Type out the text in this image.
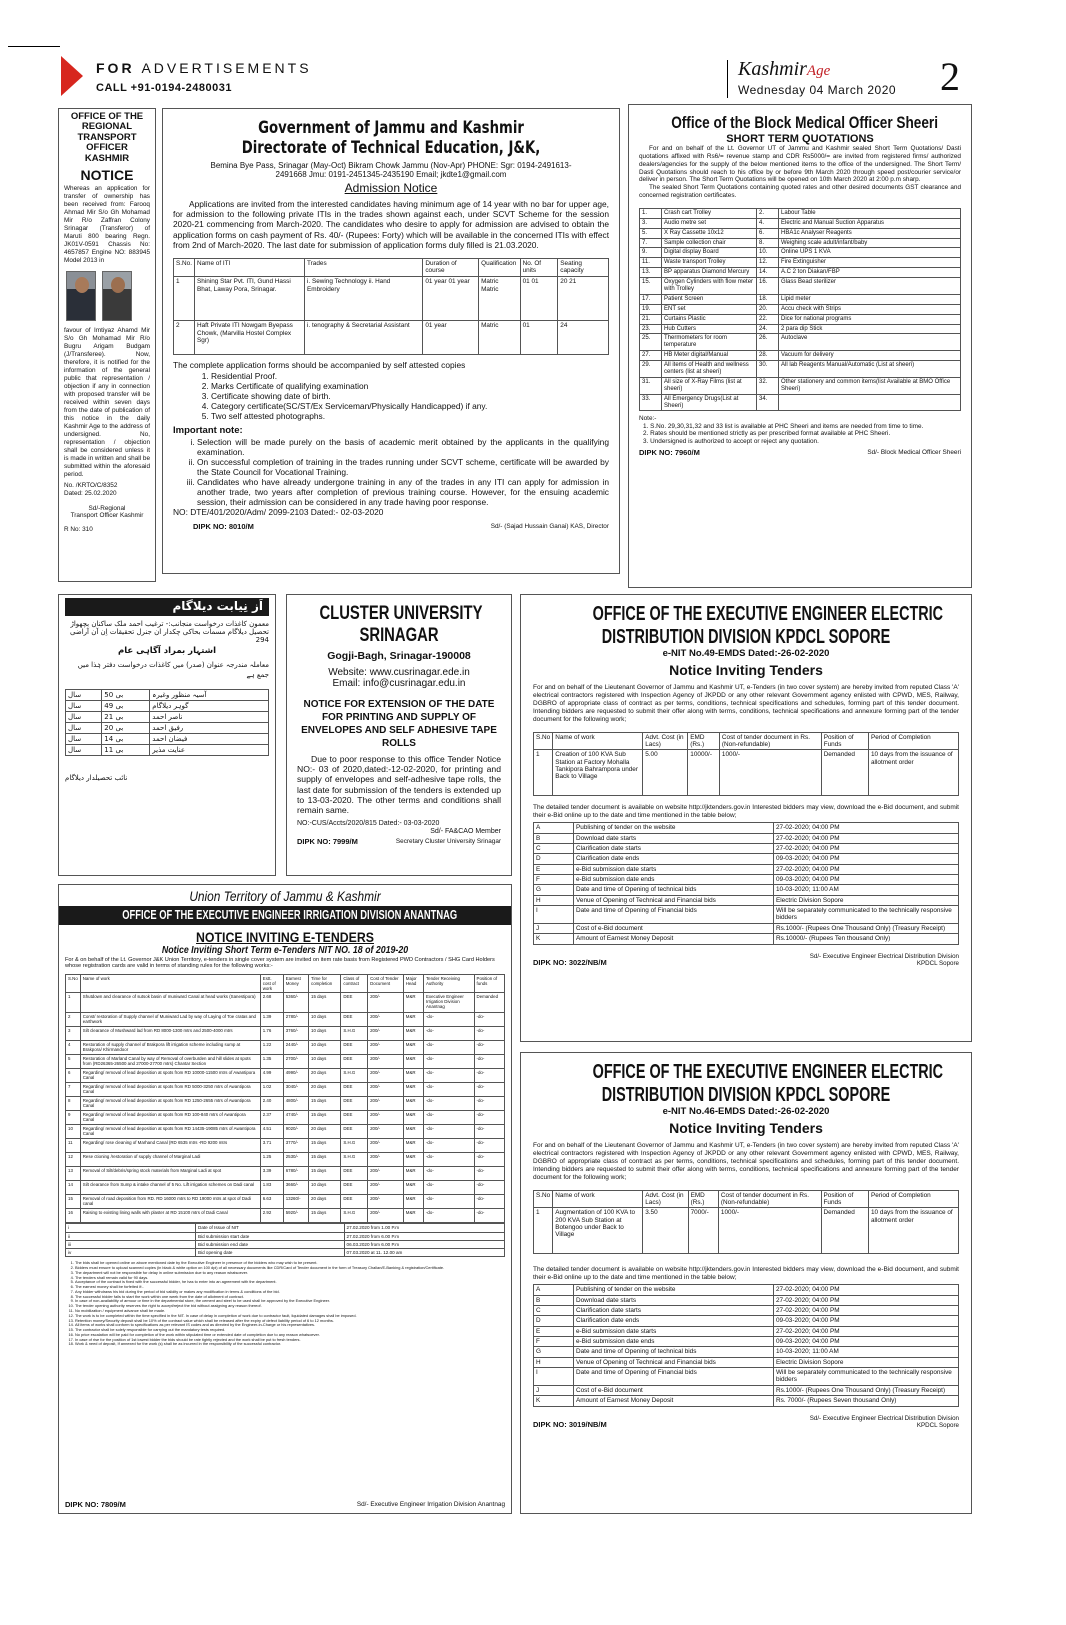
FOR ADVERTISEMENTS
CALL +91-0194-2480031
KashmirAge
Wednesday 04 March 2020 2
OFFICE OF THE REGIONAL TRANSPORT OFFICER KASHMIR
NOTICE
Whereas an application for transfer of ownership has been received from: Farooq Ahmad Mir S/o Gh Mohamad Mir R/o Zaffran Colony Srinagar (Transferor) of Maruti 800 bearing Regn. JK01V-0591 Chassis No: 4657857 Engine NO: 883945 Model 2013 in
favour of Imtiyaz Ahamd Mir S/o Gh Mohamad Mir R/o Bugru Arigam Budgam (J/Transferee). Now, therefore, it is notified for the information of the general public that representation / objection if any in connection with proposed transfer will be received within seven days from the date of publication of this notice in the daily Kashmir Age to the address of undersigned. No, representation / objection shall be considered unless it is made in written and shall be submitted within the aforesaid period.
No. /KRTO/C/8352
Dated: 25.02.2020
Sd/-Regional
Transport Officer Kashmir
R No: 310
Government of Jammu and Kashmir
Directorate of Technical Education, J&K,
Bemina Bye Pass, Srinagar (May-Oct) Bikram Chowk Jammu (Nov-Apr) PHONE: Sgr: 0194-2491613-2491668 Jmu: 0191-2451345-2435190 Email; jkdte1@gmail.com
Admission Notice
Applications are invited from the interested candidates having minimum age of 14 year with no bar for upper age, for admission to the following private ITIs in the trades shown against each, under SCVT Scheme for the session 2020-21 commencing from March-2020. The candidates who desire to apply for admission are advised to obtain the application forms on cash payment of Rs. 40/- (Rupees: Forty) which will be available in the concerned ITIs with effect from 2nd of March-2020. The last date for submission of application forms duly filled is 21.03.2020.
S.No.	Name of ITI	Trades	Duration of course	Qualification	No. Of units	Seating capacity
1	Shining Star Pvt. ITI, Gund Hassi Bhat, Laway Pora, Srinagar.	i. Sewing Technology ii. Hand Embroidery	01 year 01 year	Matric Matric	01 01	20 21
2	Haft Private ITI Nowgam Byepass Chowk, (Marvilla Hostel Complex Sgr)	i. tenography & Secretarial Assistant	01 year	Matric	01	24
The complete application forms should be accompanied by self attested copies
1. Residential Proof.
2. Marks Certificate of qualifying examination
3. Certificate showing date of birth.
4. Category certificate(SC/ST/Ex Serviceman/Physically Handicapped) if any.
5. Two self attested photographs.
Important note:
i. Selection will be made purely on the basis of academic merit obtained by the applicants in the qualifying examination.
ii. On successful completion of training in the trades running under SCVT scheme, certificate will be awarded by the State Council for Vocational Training.
iii. Candidates who have already undergone training in any of the trades in any ITI can apply for admission in another trade, two years after completion of previous training course. However, for the ensuing academic session, their admission can be considered in any trade having poor response.
NO: DTE/401/2020/Adm/ 2099-2103 Dated:- 02-03-2020
DIPK NO: 8010/M	Sd/- (Sajad Hussain Ganai) KAS, Director
Office of the Block Medical Officer Sheeri
SHORT TERM QUOTATIONS
For and on behalf of the Lt. Governor UT of Jammu and Kashmir sealed Short Term Quotations/ Dasti quotations affixed with Rs6/= revenue stamp and CDR Rs5000/= are invited from registered firms/ authorized dealers/agencies for the supply of the below mentioned items to the office of the undersigned. The Short Term/ Dasti Quotations should reach to his office by or before 9th March 2020 through speed post/courier service/or deliver in person. The Short Term Quotations will be opened on 10th March 2020 at 2:00 p.m sharp.
The sealed Short Term Quotations containing quoted rates and other desired documents GST clearance and concerned registration certificates.
1.	Crash cart Trolley	2.	Labour Table
3.	Audio metre set	4.	Electric and Manual Suction Apparatus
5.	X Ray Cassette 10x12	6.	HBA1c Analyser Reagents
7.	Sample collection chair	8.	Weighing scale adult/infant/baby
9.	Digital display Board	10.	Online UPS 1 KVA
11.	Waste transport Trolley	12.	Fire Extinguisher
13.	BP apparatus Diamond Mercury	14.	A.C 2 ton Diakan/FBP
15.	Oxygen Cylinders with flow meter with Trolley	16.	Glass Bead sterilizer
17.	Patient Screen	18.	Lipid meter
19.	ENT set	20.	Accu check with Strips
21.	Curtains Plastic	22.	Dice for national programs
23.	Hub Cutters	24.	2 para dip Stick
25.	Thermometers for room temperature	26.	Autoclave
27.	HB Meter digital/Manual	28.	Vacuum for delivery
29.	All items of Health and wellness centers (list at sheeri)	30.	All lab Reagents Manual/Automatic (List at sheeri)
31.	All size of X-Ray Films (list at sheeri)	32.	Other stationery and common items(list Available at BMO Office Sheeri)
33.	All Emergency Drugs(List at Sheeri)	34.	
Note:-
1. S.No. 29,30,31,32 and 33 list is available at PHC Sheeri and items are needed from time to time.
2. Rates should be mentioned strictly as per prescribed format available at PHC Sheeri.
3. Undersigned is authorized to accept or reject any quotation.
DIPK NO: 7960/M	Sd/- Block Medical Officer Sheeri
اَز نِیابت دیلاگام
معمون کاغذات درخواست منجانب:- ترغیب احمد ملک ساکنان بچھواڑ
تحصیل دیلاگام مسمات بحاکی چکدار ان جنرل تحقیقات اِن آن آراضی 294
اشتہار بمراد آگاہی عام
معاملہ مندرجہ عنوان (صدر) میں کاغذات درخواست دفتر ہٰذا میں جمع ہے
آسیہ منظور وغیرہ	بی 50	سال
گوہر دیلاگام	بی 49	سال
ناصر احمد	بی 21	سال
رفیق احمد	بی 20	سال
فیضان احمد	بی 14	سال
عنایت مذیر	بی 11	سال
نائب تحصیلدار دیلاگام
CLUSTER UNIVERSITY
SRINAGAR
Gogji-Bagh, Srinagar-190008
Website: www.cusrinagar.ede.in
Email: info@cusrinagar.edu.in
NOTICE FOR EXTENSION OF THE DATE FOR PRINTING AND SUPPLY OF ENVELOPES AND SELF ADHESIVE TAPE ROLLS
Due to poor response to this office Tender Notice NO:- 03 of 2020,dated:-12-02-2020, for printing and supply of envelopes and self-adhesive tape rolls, the last date for submission of the tenders is extended up to 13-03-2020. The other terms and conditions shall remain same.
NO:-CUS/Accts/2020/815 Dated:- 03-03-2020
Sd/- FA&CAO Member
DIPK NO: 7999/M	Secretary Cluster University Srinagar
Union Territory of Jammu & Kashmir
OFFICE OF THE EXECUTIVE ENGINEER IRRIGATION DIVISION ANANTNAG
NOTICE INVITING E-TENDERS
Notice Inviting Short Term e-Tenders NIT NO. 18 of 2019-20
For & on behalf of the Lt. Governor J&K Union Territory, e-tenders in single cover system are invited on item rate basis from Registered PWD Contractors / SHG Card Holders whose registration cards are valid in terms of standing rules for the following works:-
S.No	Name of work	Estt. cost of work	Earnest Money	Time for completion	Class of contract	Cost of Tender Document	Major Head	Tender Receiving Authority	Position of funds
1	Shutdown and clearance of sutsok basin of muniward Canal at head works (Sanestipora)	2.68	5360/-	15 days	DEE	200/-	M&R	Executive Engineer Irrigation Division Anantnag	Demanded
2	Const/ restoration of Supply channel of Muniward Lad by way of Laying of Toe cratas and earthwork	1.39	2780/-	10 days	DEE	200/-	M&R	-do-	-do-
3	Silt clearance of Mushward lad from RD 8000-1300 mtrs and 2500-4000 mtrs	1.76	3760/-	10 days	S.H.G	200/-	M&R	-do-	-do-
4	Restoration of supply channel of Brakpora lift irrigation scheme including sump at Brakpora/ Khirmandoor	1.22	2440/-	10 days	DEE	200/-	M&R	-do-	-do-
5	Restoration of Marland Canal by way of Removal of overburden and hill slides at spots from (RD26365-26500 and 27000-27700 mtrs) Chantar Section	1.35	2700/-	10 days	DEE	200/-	M&R	-do-	-do-
6	Regarding/ removal of lead deposition at spots from RD 10000-11500 mtrs of Awantipora Canal	4.99	4990/-	20 days	S.H.G	200/-	M&R	-do-	-do-
7	Regarding/ removal of lead deposition at spots from RD 5000-3250 mtrs of Awantipora Canal	1.02	3040/-	20 days	DEE	200/-	M&R	-do-	-do-
8	Regarding/ removal of lead deposition at spots from RD 1250-2655 mtrs of Awantipora Canal	2.40	4800/-	15 days	DEE	200/-	M&R	-do-	-do-
9	Regarding/ removal of lead deposition at spots from RD 100-840 mtrs of Awantipora Canal	2.37	4740/-	15 days	DEE	200/-	M&R	-do-	-do-
10	Regarding/ removal of lead deposition at spots from RD 14435-19085 mtrs of Awantipora Canal	4.51	9020/-	20 days	DEE	200/-	M&R	-do-	-do-
11	Regarding/ rose cleaning of Marhand Canal (RD 6535 mtrs -RD 9200 mtrs	3.71	3770/-	15 days	S.H.G	200/-	M&R	-do-	-do-
12	Rese ctioning /restoration of supply channel of Marginal Ladi	1.25	2530/-	15 days	S.H.G	200/-	M&R	-do-	-do-
13	Removal of Silt/debris/spring stock materials from Marginal Ladi at spot	3.39	6780/-	15 days	DEE	200/-	M&R	-do-	-do-
14	Silt clearance from Sump & intake channel of 5 No. Lift irrigation schemes on Dadi canal	1.83	3660/-	10 days	DEE	200/-	M&R	-do-	-do-
15	Removal of road deposition from RD. RD 16000 mtrs to RD 19000 mtrs at spot of Dadi canal	6.63	13260/-	20 days	DEE	200/-	M&R	-do-	-do-
16	Raising to existing lining walls with plaster at RD 15100 mtrs of Dadi Canal	2.92	5920/-	15 days	S.H.G	200/-	M&R	-do-	-do-
i	Date of Issue of NIT	27.02.2020 from 1.00 P.m
ii	Bid submission start date	27.02.2020 from 6.00 P.m
iii	Bid submission end date	06.03.2020 from 6.00 P.m
iv	Bid opening date	07.03.2020 at 11. 12.00 am
1. The bids shall be opened online on above mentioned date by the Executive Engineer in presence of the bidders who may wish to be present.
2. Bidders must ensure to upload scanned copies (in black & white option on 100 dpi) of all necessary documents like CDR/Card of Tender document in the form of Treasury Challan/E-Banking & registration/Certificate.
3. The department will not be responsible for delay in online submission due to any reason whatsoever.
4. The tenders shall remain valid for 90 days.
5. Acceptance of the contract is fixed with the successful bidder, he has to enter into an agreement with the department.
6. The earnest money shall be forfeited if:-
7. Any bidder withdraws his bid during the period of bid validity or makes any modification in terms & conditions of the bid.
8. The successful bidder fails to start the work within one week from the date of allotment of contract.
9. In case of non-availability of armour or time in the departmental store, the cement and steel to be used shall be approved by the Executive Engineer.
10. The tender opening authority reserves the right to accept/reject the bid without assigning any reason thereof.
11. No mobilization / equipment advance shall be made.
12. The work is to be completed within the time specified in the NIT. In case of delay in completion of work due to contractor fault, liquidated damages shall be imposed.
13. Retention money/Security deposit shall be 10% of the contract value which shall be released after the expiry of defect liability period of 6 to 12 months.
14. All items of works shall conform to specifications as per relevant IS codes and as directed by the Engineer-in-Charge or his representatives.
15. The contractor shall be solely responsible for carrying out the mandatory tests required.
16. No price escalation will be paid for completion of the work within stipulated time or extended date of completion due to any reason whatsoever.
17. In case of rise for the position of 1st lowest bidder the bids should be rate tightly rejected and the work shall be put to fresh tenders.
18. Work & need of deposit, If annexed for the work (s) shall be as incurred in the responsibility of the successful contractor.
DIPK NO: 7809/M	Sd/- Executive Engineer Irrigation Division Anantnag
OFFICE OF THE EXECUTIVE ENGINEER ELECTRIC
DISTRIBUTION DIVISION KPDCL SOPORE
e-NIT No.49-EMDS Dated:-26-02-2020
Notice Inviting Tenders
For and on behalf of the Lieutenant Governor of Jammu and Kashmir UT, e-Tenders (in two cover system) are hereby invited from reputed Class 'A' electrical contractors registered with Inspection Agency of JKPDD or any other relevant Government agency enlisted with CPWD, MES, Railway, DGBRO of appropriate class of contract as per terms, conditions, technical specifications and schedules, forming part of this tender document. Intending bidders are requested to submit their offer along with terms, conditions, technical specifications and annexure forming part of the tender document for the following work;
S.No	Name of work	Advt. Cost (in Lacs)	EMD (Rs.)	Cost of tender document in Rs. (Non-refundable)	Position of Funds	Period of Completion
1	Creation of 100 KVA Sub Station at Factory Mohalla Tankipora Bahrampora under Back to Village	5.00	10000/-	1000/-	Demanded	10 days from the issuance of allotment order
The detailed tender document is available on website http://jktenders.gov.in Interested bidders may view, download the e-Bid document, and submit their e-Bid online up to the date and time mentioned in the table below;
A	Publishing of tender on the website	27-02-2020; 04:00 PM
B	Download date starts	27-02-2020; 04:00 PM
C	Clarification date starts	27-02-2020; 04:00 PM
D	Clarification date ends	09-03-2020; 04:00 PM
E	e-Bid submission date starts	27-02-2020; 04:00 PM
F	e-Bid submission date ends	09-03-2020; 04:00 PM
G	Date and time of Opening of technical bids	10-03-2020; 11:00 AM
H	Venue of Opening of Technical and Financial bids	Electric Division Sopore
I	Date and time of Opening of Financial bids	Will be separately communicated to the technically responsive bidders
J	Cost of e-Bid document	Rs.1000/- (Rupees One Thousand Only) (Treasury Receipt)
K	Amount of Earnest Money Deposit	Rs.10000/- (Rupees Ten thousand Only)
DIPK NO: 3022/NB/M
Sd/- Executive Engineer Electrical Distribution Division KPDCL Sopore
OFFICE OF THE EXECUTIVE ENGINEER ELECTRIC
DISTRIBUTION DIVISION KPDCL SOPORE
e-NIT No.46-EMDS Dated:-26-02-2020
Notice Inviting Tenders
For and on behalf of the Lieutenant Governor of Jammu and Kashmir UT, e-Tenders (in two cover system) are hereby invited from reputed Class 'A' electrical contractors registered with Inspection Agency of JKPDD or any other relevant Government agency enlisted with CPWD, MES, Railway, DGBRO of appropriate class of contract as per terms, conditions, technical specifications and schedules, forming part of this tender document. Intending bidders are requested to submit their offer along with terms, conditions, technical specifications and annexure forming part of the tender document for the following work;
S.No	Name of work	Advt. Cost (in Lacs)	EMD (Rs.)	Cost of tender document in Rs. (Non-refundable)	Position of Funds	Period of Completion
1	Augmentation of 100 KVA to 200 KVA Sub Station at Botengoo under Back to Village	3.50	7000/-	1000/-	Demanded	10 days from the issuance of allotment order
The detailed tender document is available on website http://jktenders.gov.in Interested bidders may view, download the e-Bid document, and submit their e-Bid online up to the date and time mentioned in the table below;
A	Publishing of tender on the website	27-02-2020; 04:00 PM
B	Download date starts	27-02-2020; 04:00 PM
C	Clarification date starts	27-02-2020; 04:00 PM
D	Clarification date ends	09-03-2020; 04:00 PM
E	e-Bid submission date starts	27-02-2020; 04:00 PM
F	e-Bid submission date ends	09-03-2020; 04:00 PM
G	Date and time of Opening of technical bids	10-03-2020; 11:00 AM
H	Venue of Opening of Technical and Financial bids	Electric Division Sopore
I	Date and time of Opening of Financial bids	Will be separately communicated to the technically responsive bidders
J	Cost of e-Bid document	Rs.1000/- (Rupees One Thousand Only) (Treasury Receipt)
K	Amount of Earnest Money Deposit	Rs. 7000/- (Rupees Seven thousand Only)
DIPK NO: 3019/NB/M
Sd/- Executive Engineer Electrical Distribution Division KPDCL Sopore
